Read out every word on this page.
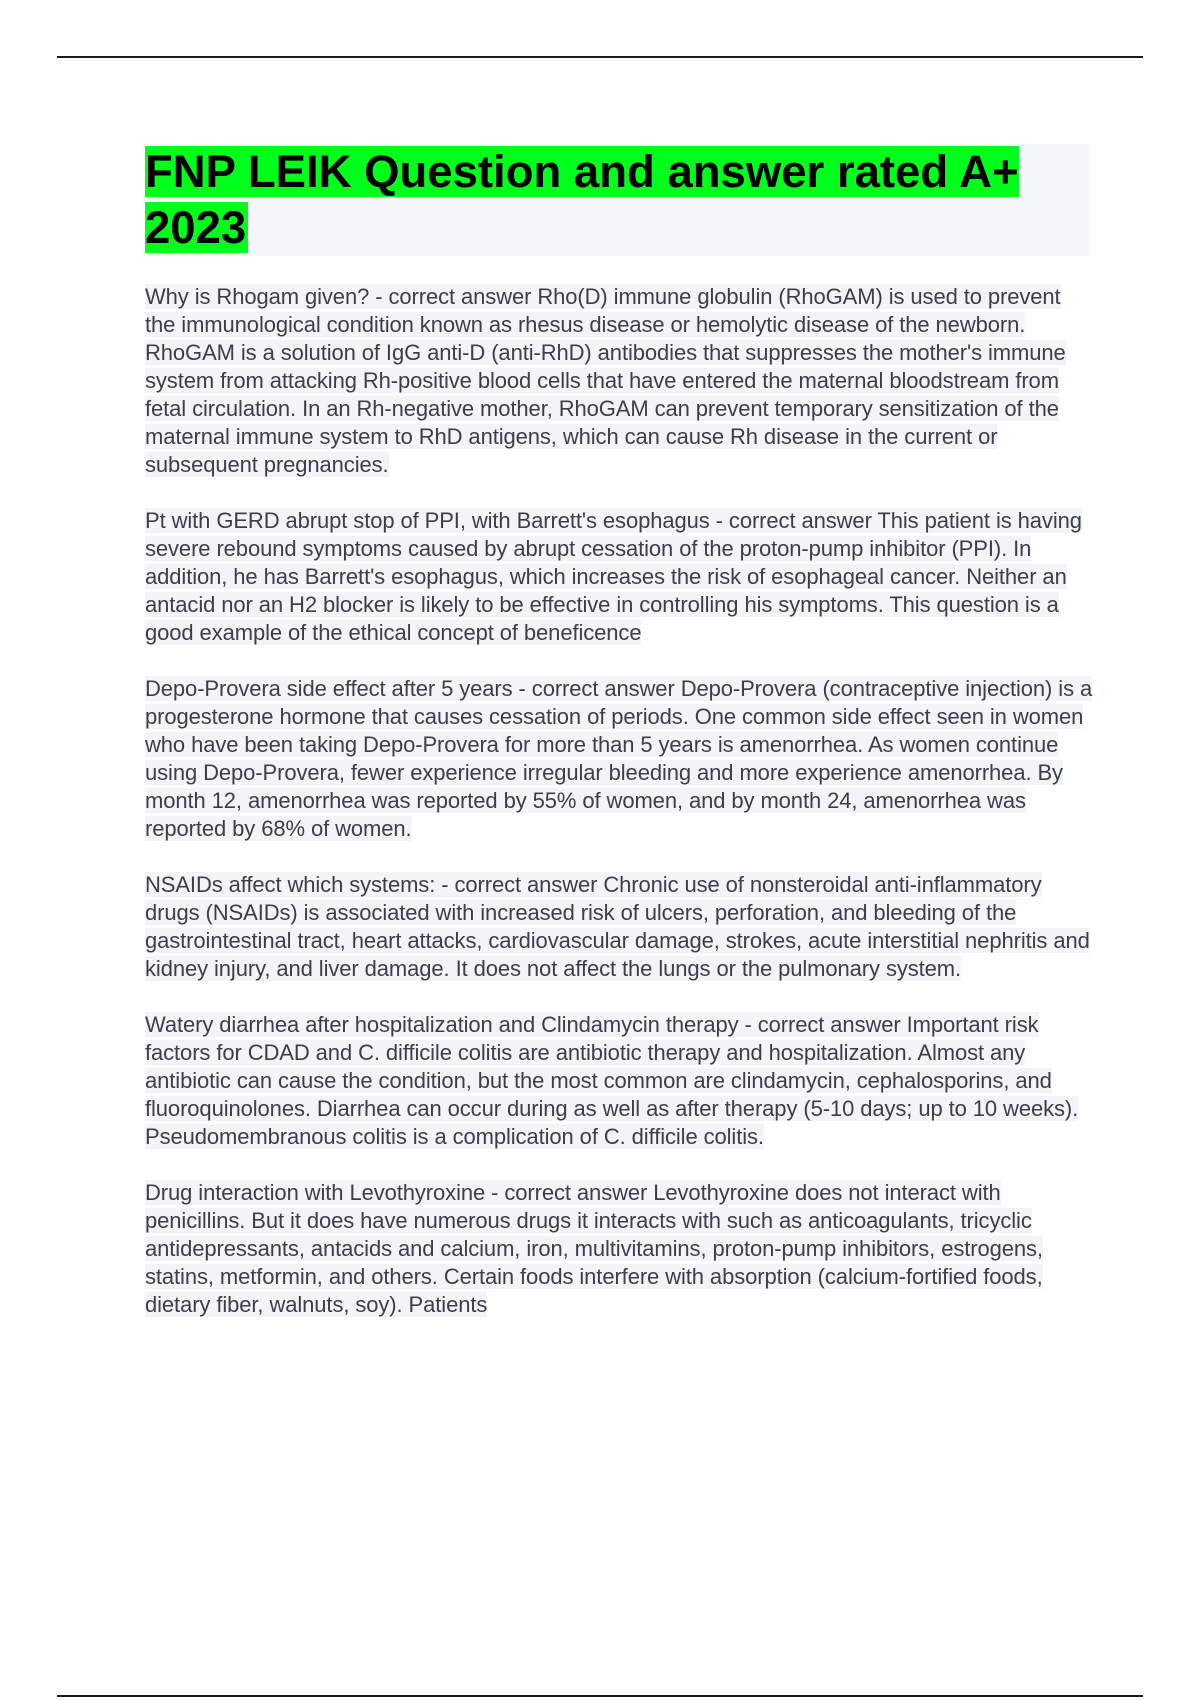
FNP LEIK Question and answer rated A+ 2023

Why is Rhogam given? - correct answer Rho(D) immune globulin (RhoGAM) is used to prevent the immunological condition known as rhesus disease or hemolytic disease of the newborn. RhoGAM is a solution of IgG anti-D (anti-RhD) antibodies that suppresses the mother's immune system from attacking Rh-positive blood cells that have entered the maternal bloodstream from fetal circulation. In an Rh-negative mother, RhoGAM can prevent temporary sensitization of the maternal immune system to RhD antigens, which can cause Rh disease in the current or subsequent pregnancies.

Pt with GERD abrupt stop of PPI, with Barrett's esophagus - correct answer This patient is having severe rebound symptoms caused by abrupt cessation of the proton-pump inhibitor (PPI). In addition, he has Barrett's esophagus, which increases the risk of esophageal cancer. Neither an antacid nor an H2 blocker is likely to be effective in controlling his symptoms. This question is a good example of the ethical concept of beneficence

Depo-Provera side effect after 5 years - correct answer Depo-Provera (contraceptive injection) is a progesterone hormone that causes cessation of periods. One common side effect seen in women who have been taking Depo-Provera for more than 5 years is amenorrhea. As women continue using Depo-Provera, fewer experience irregular bleeding and more experience amenorrhea. By month 12, amenorrhea was reported by 55% of women, and by month 24, amenorrhea was reported by 68% of women.

NSAIDs affect which systems: - correct answer Chronic use of nonsteroidal anti-inflammatory drugs (NSAIDs) is associated with increased risk of ulcers, perforation, and bleeding of the gastrointestinal tract, heart attacks, cardiovascular damage, strokes, acute interstitial nephritis and kidney injury, and liver damage. It does not affect the lungs or the pulmonary system.

Watery diarrhea after hospitalization and Clindamycin therapy - correct answer Important risk factors for CDAD and C. difficile colitis are antibiotic therapy and hospitalization. Almost any antibiotic can cause the condition, but the most common are clindamycin, cephalosporins, and fluoroquinolones. Diarrhea can occur during as well as after therapy (5-10 days; up to 10 weeks). Pseudomembranous colitis is a complication of C. difficile colitis.

Drug interaction with Levothyroxine - correct answer Levothyroxine does not interact with penicillins. But it does have numerous drugs it interacts with such as anticoagulants, tricyclic antidepressants, antacids and calcium, iron, multivitamins, proton-pump inhibitors, estrogens, statins, metformin, and others. Certain foods interfere with absorption (calcium-fortified foods, dietary fiber, walnuts, soy). Patients
